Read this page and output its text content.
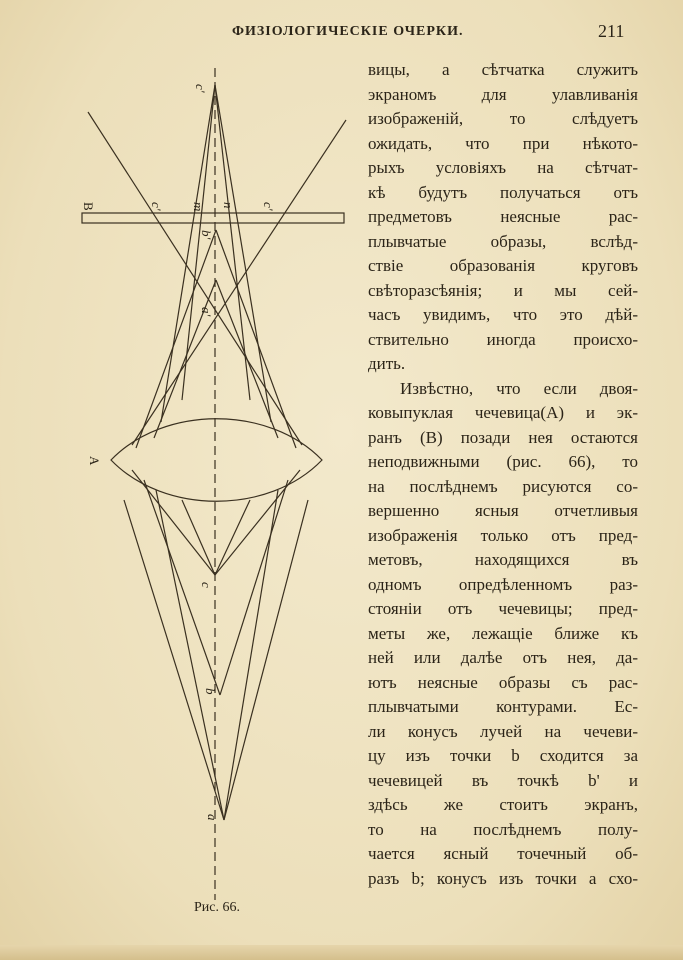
ФИЗIОЛОГИЧЕСКIЕ ОЧЕРКИ.	211
c'
B	c' m n c'
b'
a'
A
c
b
a
Рис. 66.
вицы, а сѣтчатка служитъ
экраномъ для улавливанiя
изображенiй, то слѣдуетъ
ожидать, что при нѣкото-
рыхъ условiяхъ на сѣтчат-
кѣ будутъ получаться отъ
предметовъ неясные рас-
плывчатые образы, вслѣд-
ствiе образованiя круговъ
свѣторазсѣянiя; и мы сей-
часъ увидимъ, что это дѣй-
ствительно иногда происхо-
дить.
Извѣстно, что если двоя-
ковыпуклая чечевица(А) и эк-
ранъ (В) позади нея остаются
неподвижными (рис. 66), то
на послѣднемъ рисуются со-
вершенно ясныя отчетливыя
изображенiя только отъ пред-
метовъ, находящихся въ
одномъ опредѣленномъ раз-
стоянiи отъ чечевицы; пред-
меты же, лежащiе ближе къ
ней или далѣе отъ нея, да-
ютъ неясные образы съ рас-
плывчатыми контурами. Ес-
ли конусъ лучей на чечеви-
цу изъ точки b сходится за
чечевицей въ точкѣ b' и
здѣсь же стоитъ экранъ,
то на послѣднемъ полу-
чается ясный точечный об-
разъ b; конусъ изъ точки а схо-
